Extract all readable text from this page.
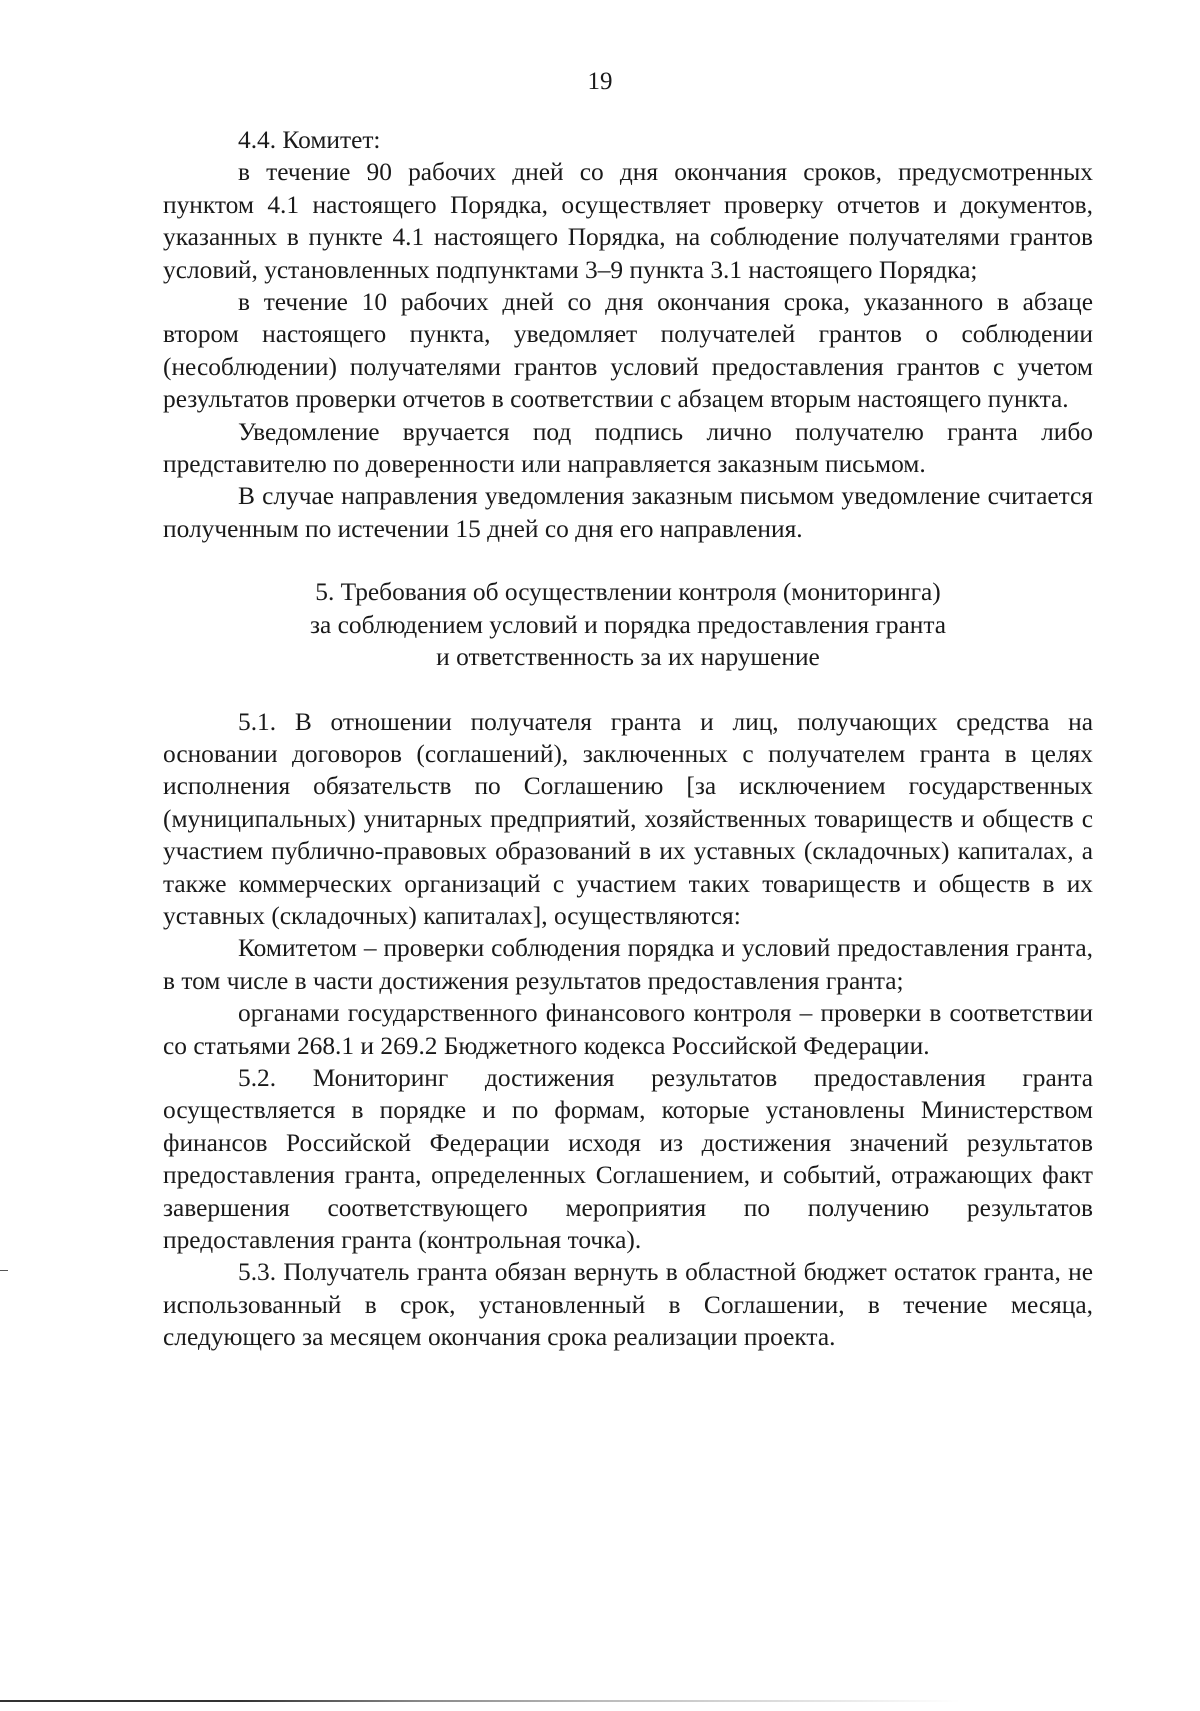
19

4.4. Комитет:

в течение 90 рабочих дней со дня окончания сроков, предусмотренных пунктом 4.1 настоящего Порядка, осуществляет проверку отчетов и документов, указанных в пункте 4.1 настоящего Порядка, на соблюдение получателями грантов условий, установленных подпунктами 3–9 пункта 3.1 настоящего Порядка;

в течение 10 рабочих дней со дня окончания срока, указанного в абзаце втором настоящего пункта, уведомляет получателей грантов о соблюдении (несоблюдении) получателями грантов условий предоставления грантов с учетом результатов проверки отчетов в соответствии с абзацем вторым настоящего пункта.

Уведомление вручается под подпись лично получателю гранта либо представителю по доверенности или направляется заказным письмом.

В случае направления уведомления заказным письмом уведомление считается полученным по истечении 15 дней со дня его направления.

5. Требования об осуществлении контроля (мониторинга)
за соблюдением условий и порядка предоставления гранта
и ответственность за их нарушение

5.1. В отношении получателя гранта и лиц, получающих средства на основании договоров (соглашений), заключенных с получателем гранта в целях исполнения обязательств по Соглашению [за исключением государственных (муниципальных) унитарных предприятий, хозяйственных товариществ и обществ с участием публично-правовых образований в их уставных (складочных) капиталах, а также коммерческих организаций с участием таких товариществ и обществ в их уставных (складочных) капиталах], осуществляются:

Комитетом – проверки соблюдения порядка и условий предоставления гранта, в том числе в части достижения результатов предоставления гранта;

органами государственного финансового контроля – проверки в соответствии со статьями 268.1 и 269.2 Бюджетного кодекса Российской Федерации.

5.2. Мониторинг достижения результатов предоставления гранта осуществляется в порядке и по формам, которые установлены Министерством финансов Российской Федерации исходя из достижения значений результатов предоставления гранта, определенных Соглашением, и событий, отражающих факт завершения соответствующего мероприятия по получению результатов предоставления гранта (контрольная точка).

5.3. Получатель гранта обязан вернуть в областной бюджет остаток гранта, не использованный в срок, установленный в Соглашении, в течение месяца, следующего за месяцем окончания срока реализации проекта.
